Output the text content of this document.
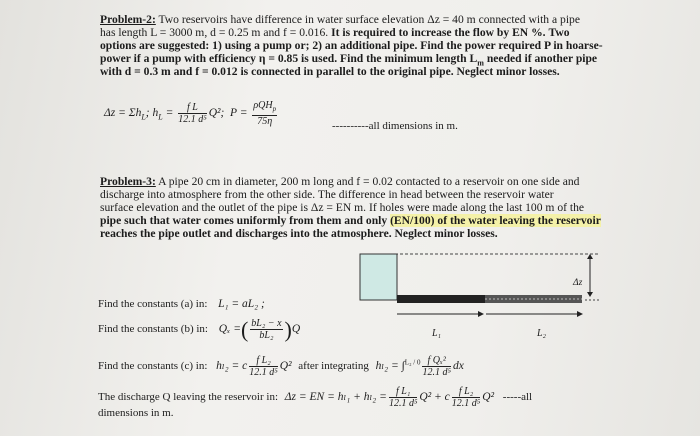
Problem-2: Two reservoirs have difference in water surface elevation Δz = 40 m connected with a pipe
has length L = 3000 m, d = 0.25 m and f = 0.016. It is required to increase the flow by EN %. Two
options are suggested: 1) using a pump or; 2) an additional pipe. Find the power required P in hoarse-
power if a pump with efficiency η = 0.85 is used. Find the minimum length $L_m$ needed if another pipe
with d = 0.3 m and f = 0.012 is connected in parallel to the original pipe. Neglect minor losses.
$\Delta z = \Sigma h_L$; $h_L = \frac{\text{f L}}{\text{12.1 d⁵}} Q^2$; $P = \frac{\rho QH_p}{75\eta}$	----------all dimensions in m.
Problem-3: A pipe 20 cm in diameter, 200 m long and f = 0.02 contacted to a reservoir on one side and
discharge into atmosphere from the other side. The difference in head between the reservoir water
surface elevation and the outlet of the pipe is Δz = EN m. If holes were made along the last 100 m of the
pipe such that water comes uniformly from them and only (EN/100) of the water leaving the reservoir
reaches the pipe outlet and discharges into the atmosphere. Neglect minor losses.
Δz
L₁	L₂
Find the constants (a) in: L₁ = aL₂ ;
Find the constants (b) in: Qₓ =( $\frac{\text{bL₂ − x}}{\text{bL₂}} )Q$
Find the constants (c) in: hₗ₂ = c $\frac{\text{f L₂}}{\text{12.1 d⁵}} Q^2$ after integrating $h_{l2} = \int^{L_2 / 0} \frac{\text{f Qₓ²}}{\text{12.1 d⁵}}$ dx
The discharge Q leaving the reservoir in: Δz = EN = $h_{l1} + h_{l2} = \frac{\text{f L₁}}{\text{12.1 d⁵}} Q^2 + c \frac{\text{f L₂}}{\text{12.1 d⁵}} Q^2$ -----all
dimensions in m.
